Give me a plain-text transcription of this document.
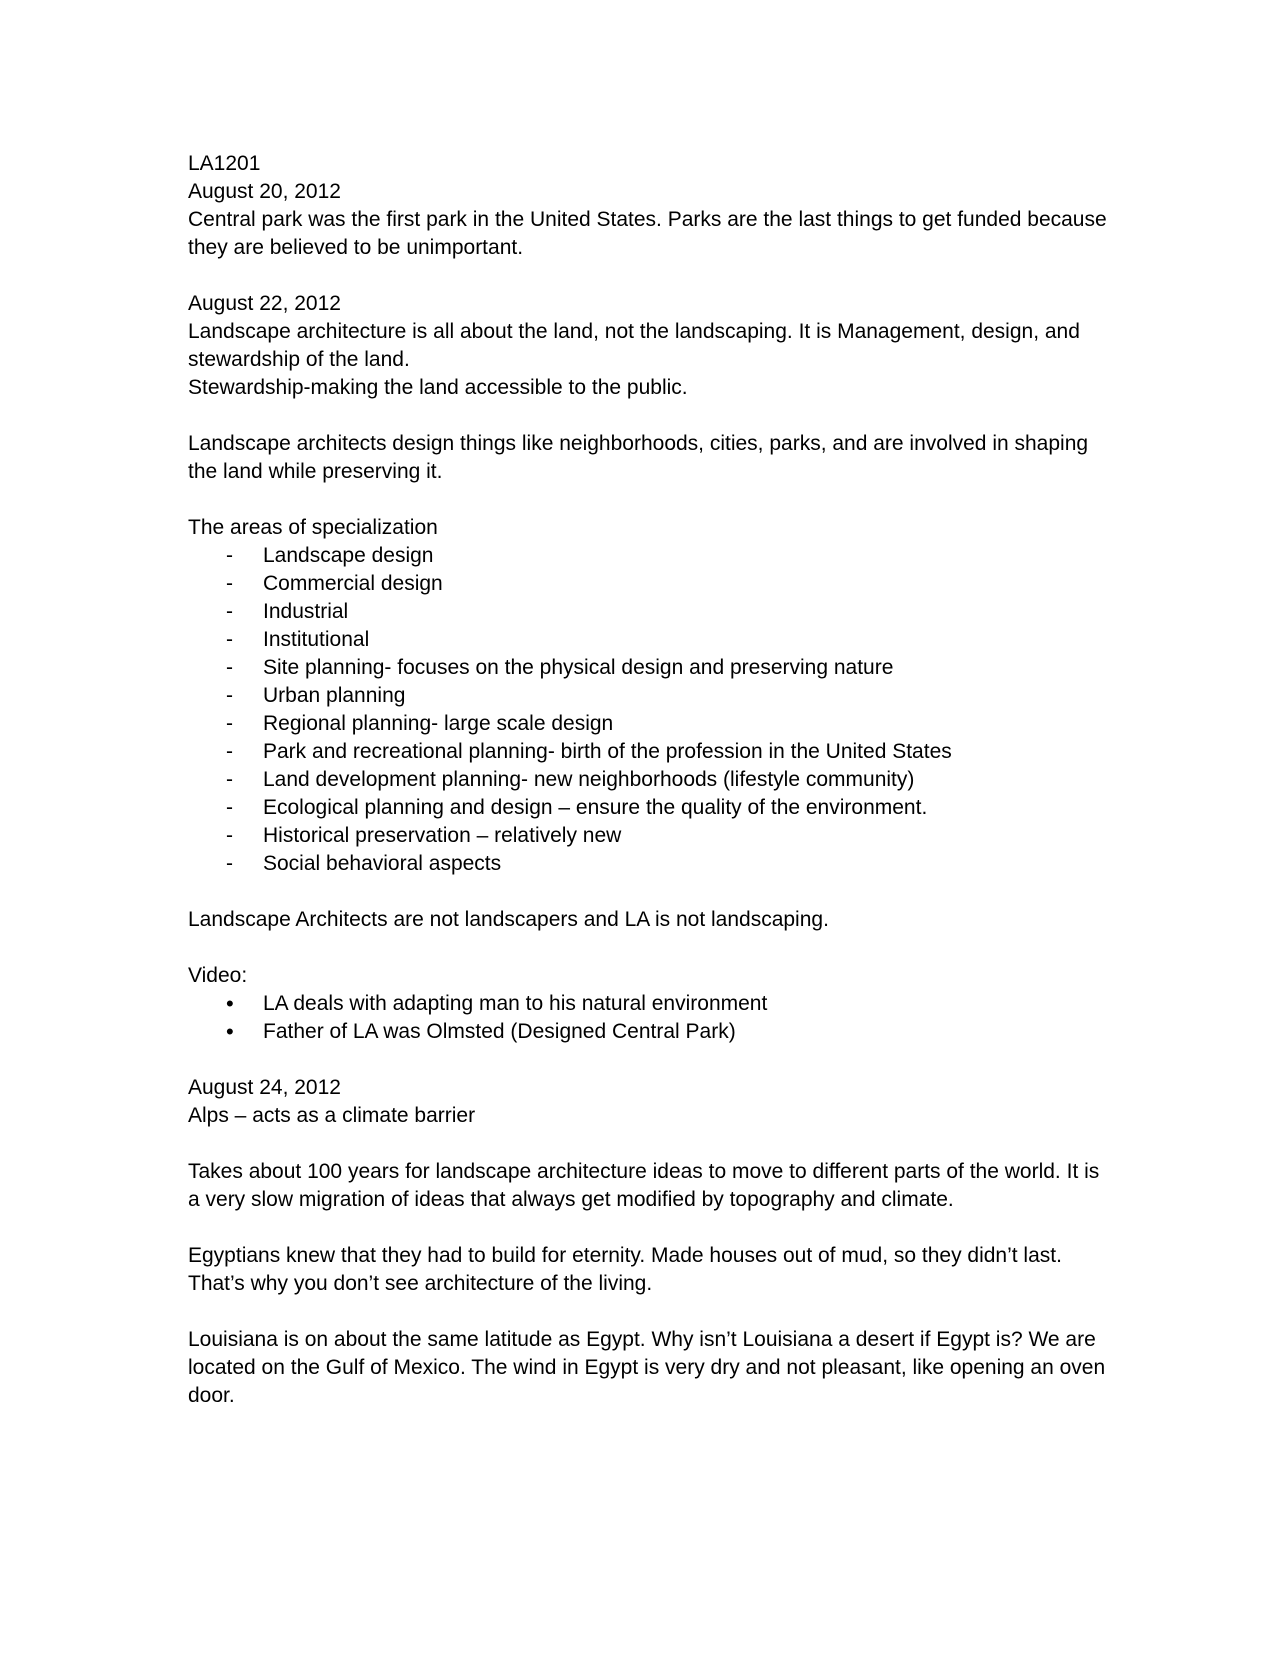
LA1201

August 20, 2012

Central park was the first park in the United States. Parks are the last things to get funded because they are believed to be unimportant.

August 22, 2012

Landscape architecture is all about the land, not the landscaping. It is Management, design, and stewardship of the land.

Stewardship-making the land accessible to the public.

Landscape architects design things like neighborhoods, cities, parks, and are involved in shaping the land while preserving it.

The areas of specialization

-	Landscape design
-	Commercial design
-	Industrial
-	Institutional
-	Site planning- focuses on the physical design and preserving nature
-	Urban planning
-	Regional planning- large scale design
-	Park and recreational planning- birth of the profession in the United States
-	Land development planning- new neighborhoods (lifestyle community)
-	Ecological planning and design – ensure the quality of the environment.
-	Historical preservation – relatively new
-	Social behavioral aspects

Landscape Architects are not landscapers and LA is not landscaping.

Video:

•	LA deals with adapting man to his natural environment
•	Father of LA was Olmsted (Designed Central Park)

August 24, 2012

Alps – acts as a climate barrier

Takes about 100 years for landscape architecture ideas to move to different parts of the world. It is a very slow migration of ideas that always get modified by topography and climate.

Egyptians knew that they had to build for eternity. Made houses out of mud, so they didn’t last. That’s why you don’t see architecture of the living.

Louisiana is on about the same latitude as Egypt. Why isn’t Louisiana a desert if Egypt is? We are located on the Gulf of Mexico. The wind in Egypt is very dry and not pleasant, like opening an oven door.
